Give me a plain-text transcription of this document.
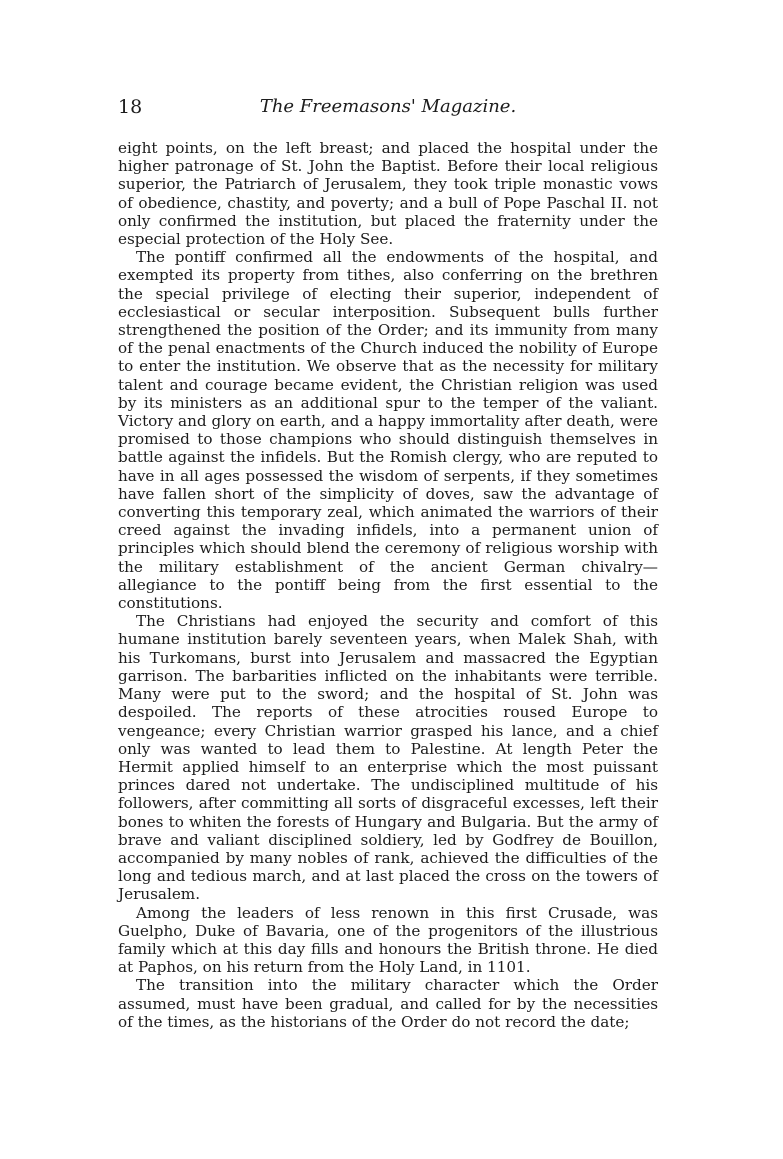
18	The Freemasons' Magazine.

eight points, on the left breast; and placed the hospital under the higher patronage of St. John the Baptist. Before their local religious superior, the Patriarch of Jerusalem, they took triple monastic vows of obedience, chastity, and poverty; and a bull of Pope Paschal II. not only confirmed the institution, but placed the fraternity under the especial protection of the Holy See.

The pontiff confirmed all the endowments of the hospital, and exempted its property from tithes, also conferring on the brethren the special privilege of electing their superior, independent of ecclesiastical or secular interposition. Subsequent bulls further strengthened the position of the Order; and its immunity from many of the penal enactments of the Church induced the nobility of Europe to enter the institution. We observe that as the necessity for military talent and courage became evident, the Christian religion was used by its ministers as an additional spur to the temper of the valiant. Victory and glory on earth, and a happy immortality after death, were promised to those champions who should distinguish themselves in battle against the infidels. But the Romish clergy, who are reputed to have in all ages possessed the wisdom of serpents, if they sometimes have fallen short of the simplicity of doves, saw the advantage of converting this temporary zeal, which animated the warriors of their creed against the invading infidels, into a permanent union of principles which should blend the ceremony of religious worship with the military establishment of the ancient German chivalry—allegiance to the pontiff being from the first essential to the constitutions.

The Christians had enjoyed the security and comfort of this humane institution barely seventeen years, when Malek Shah, with his Turkomans, burst into Jerusalem and massacred the Egyptian garrison. The barbarities inflicted on the inhabitants were terrible. Many were put to the sword; and the hospital of St. John was despoiled. The reports of these atrocities roused Europe to vengeance; every Christian warrior grasped his lance, and a chief only was wanted to lead them to Palestine. At length Peter the Hermit applied himself to an enterprise which the most puissant princes dared not undertake. The undisciplined multitude of his followers, after committing all sorts of disgraceful excesses, left their bones to whiten the forests of Hungary and Bulgaria. But the army of brave and valiant disciplined soldiery, led by Godfrey de Bouillon, accompanied by many nobles of rank, achieved the difficulties of the long and tedious march, and at last placed the cross on the towers of Jerusalem.

Among the leaders of less renown in this first Crusade, was Guelpho, Duke of Bavaria, one of the progenitors of the illustrious family which at this day fills and honours the British throne. He died at Paphos, on his return from the Holy Land, in 1101.

The transition into the military character which the Order assumed, must have been gradual, and called for by the necessities of the times, as the historians of the Order do not record the date;
